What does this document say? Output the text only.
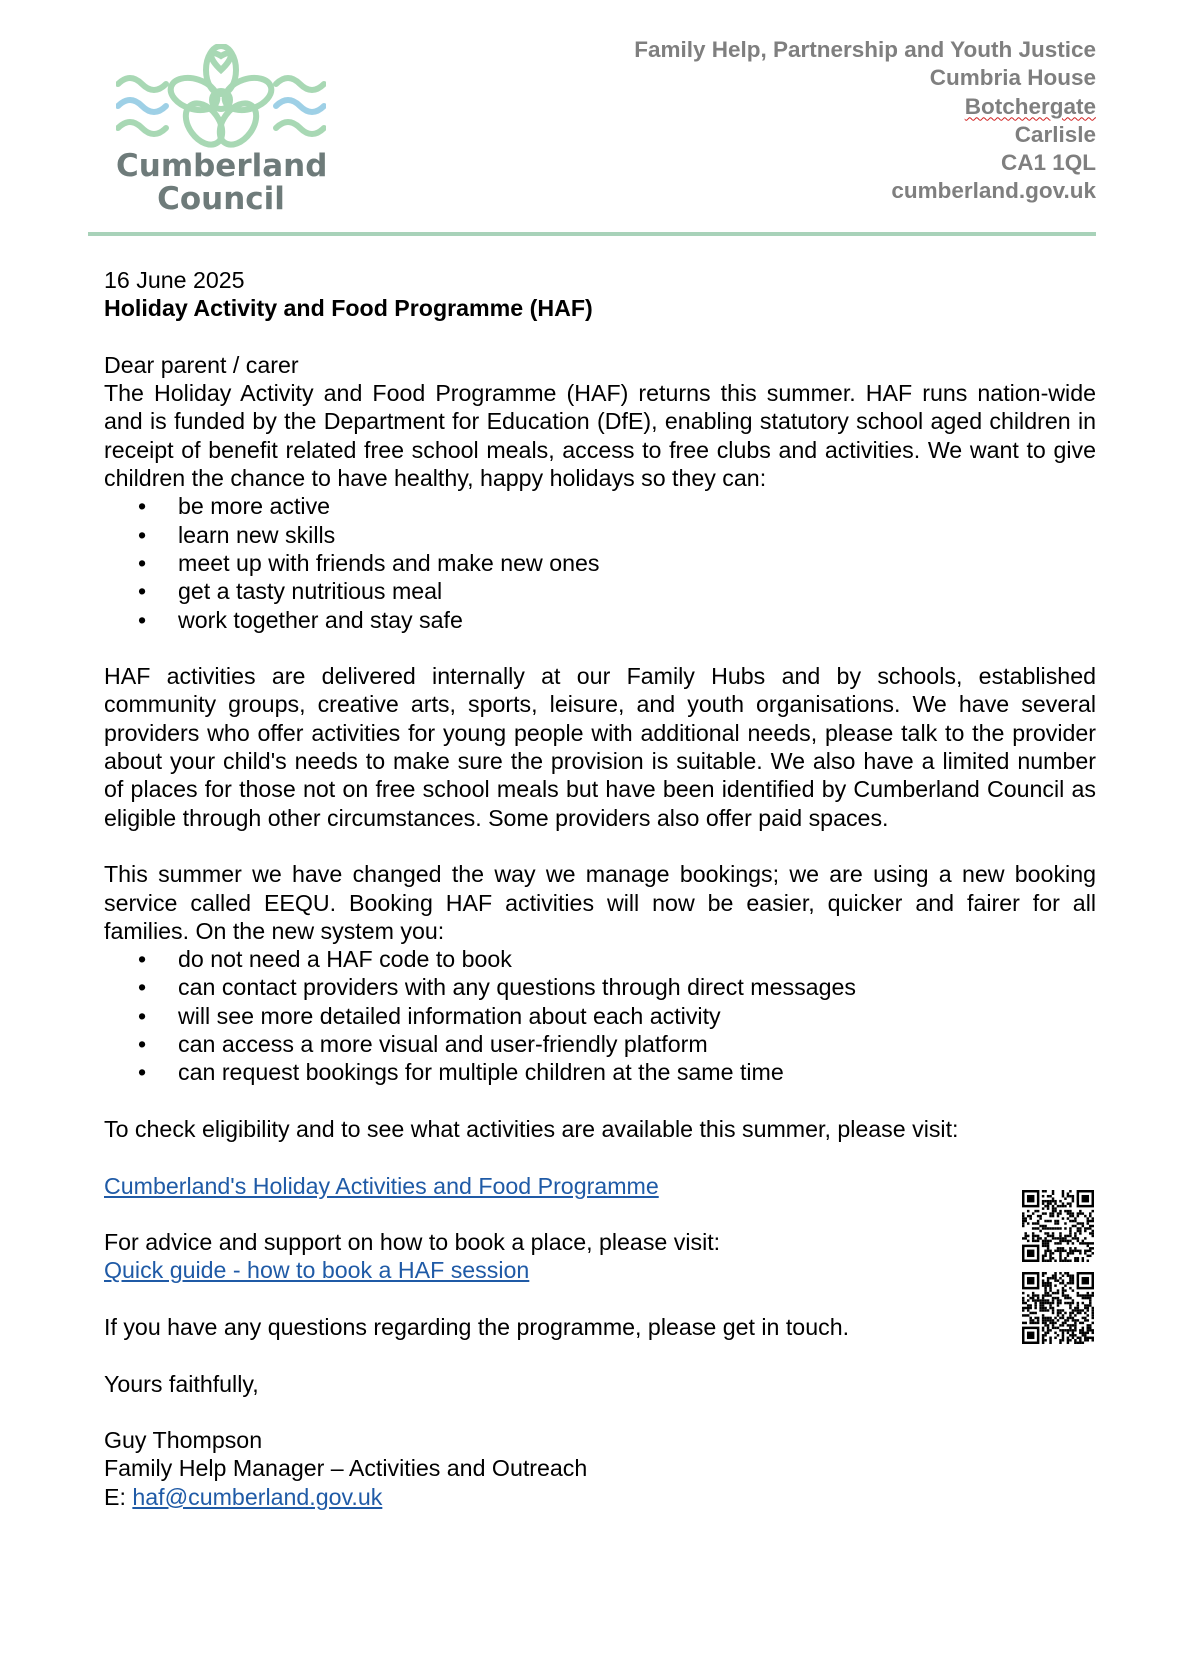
Cumberland
Council
Family Help, Partnership and Youth Justice
Cumbria House
Botchergate
Carlisle
CA1 1QL
cumberland.gov.uk

16 June 2025

Holiday Activity and Food Programme (HAF)

Dear parent / carer

The Holiday Activity and Food Programme (HAF) returns this summer. HAF runs nation-wide and is funded by the Department for Education (DfE), enabling statutory school aged children in receipt of benefit related free school meals, access to free clubs and activities. We want to give children the chance to have healthy, happy holidays so they can:

• be more active
• learn new skills
• meet up with friends and make new ones
• get a tasty nutritious meal
• work together and stay safe

HAF activities are delivered internally at our Family Hubs and by schools, established community groups, creative arts, sports, leisure, and youth organisations. We have several providers who offer activities for young people with additional needs, please talk to the provider about your child's needs to make sure the provision is suitable. We also have a limited number of places for those not on free school meals but have been identified by Cumberland Council as eligible through other circumstances. Some providers also offer paid spaces.

This summer we have changed the way we manage bookings; we are using a new booking service called EEQU. Booking HAF activities will now be easier, quicker and fairer for all families. On the new system you:

• do not need a HAF code to book
• can contact providers with any questions through direct messages
• will see more detailed information about each activity
• can access a more visual and user-friendly platform
• can request bookings for multiple children at the same time

To check eligibility and to see what activities are available this summer, please visit:

Cumberland's Holiday Activities and Food Programme

For advice and support on how to book a place, please visit:

Quick guide - how to book a HAF session

If you have any questions regarding the programme, please get in touch.

Yours faithfully,

Guy Thompson

Family Help Manager – Activities and Outreach

E: haf@cumberland.gov.uk
